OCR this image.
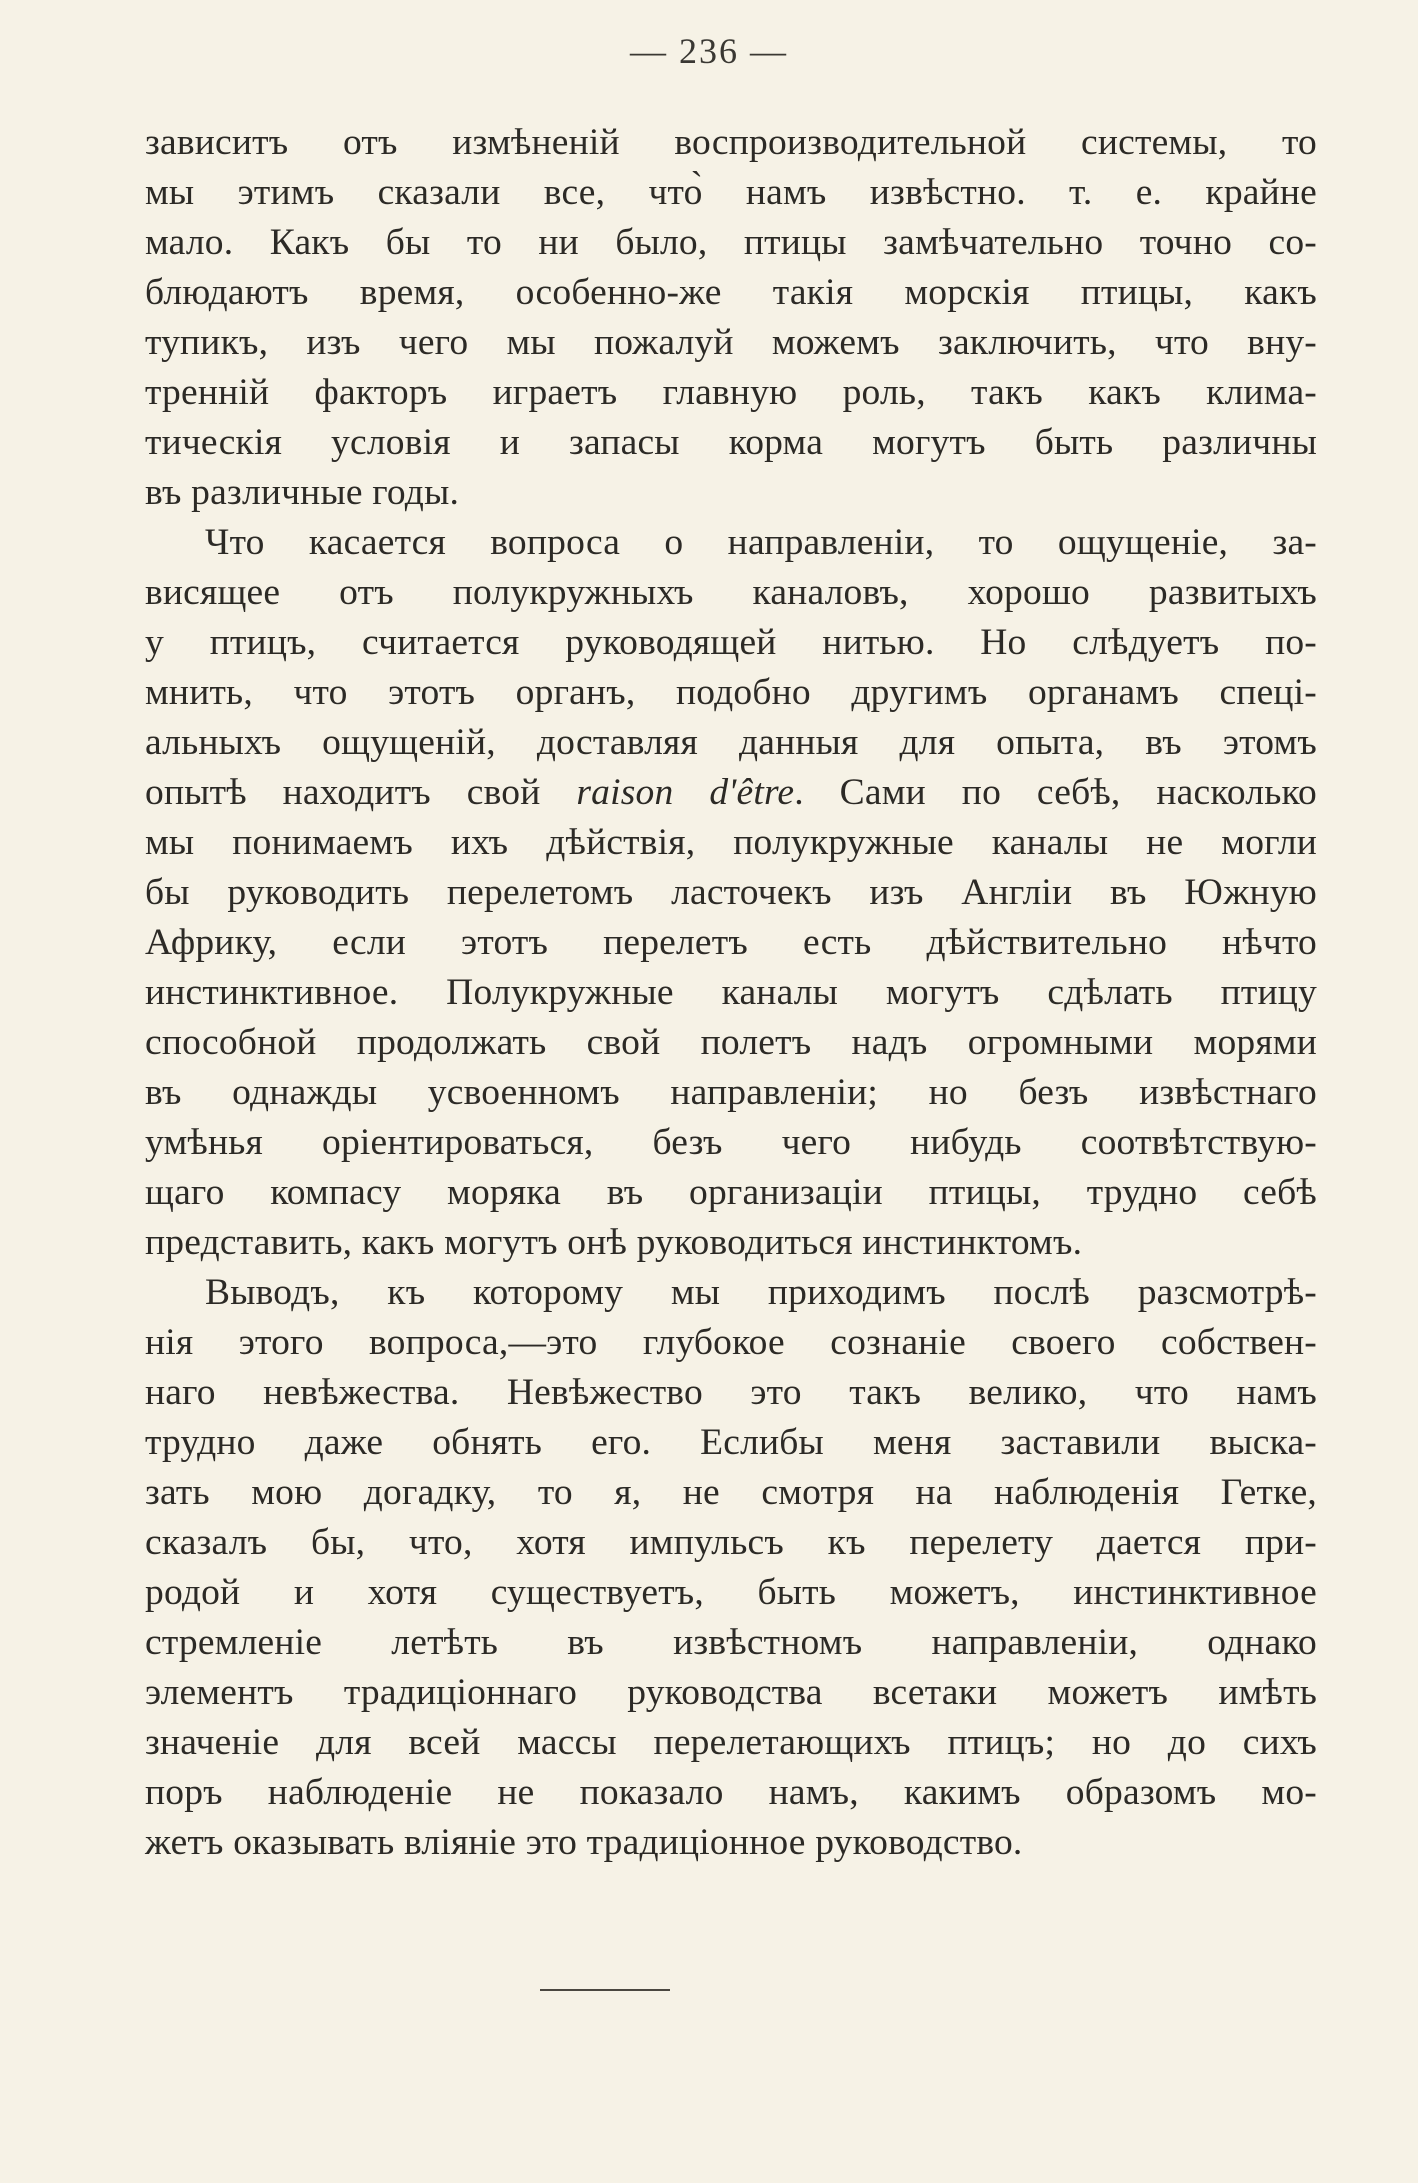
— 236 —
зависитъ отъ измѣненій воспроизводительной системы, то
мы этимъ сказали все, что̀ намъ извѣстно. т. е. крайне
мало. Какъ бы то ни было, птицы замѣчательно точно со-
блюдаютъ время, особенно-же такія морскія птицы, какъ
тупикъ, изъ чего мы пожалуй можемъ заключить, что вну-
тренній факторъ играетъ главную роль, такъ какъ клима-
тическія условія и запасы корма могутъ быть различны
въ различные годы.
Что касается вопроса о направленіи, то ощущеніе, за-
висящее отъ полукружныхъ каналовъ, хорошо развитыхъ
у птицъ, считается руководящей нитью. Но слѣдуетъ по-
мнить, что этотъ органъ, подобно другимъ органамъ спеці-
альныхъ ощущеній, доставляя данныя для опыта, въ этомъ
опытѣ находитъ свой raison d'être. Сами по себѣ, насколько
мы понимаемъ ихъ дѣйствія, полукружные каналы не могли
бы руководить перелетомъ ласточекъ изъ Англіи въ Южную
Африку, если этотъ перелетъ есть дѣйствительно нѣчто
инстинктивное. Полукружные каналы могутъ сдѣлать птицу
способной продолжать свой полетъ надъ огромными морями
въ однажды усвоенномъ направленіи; но безъ извѣстнаго
умѣнья оріентироваться, безъ чего нибудь соотвѣтствую-
щаго компасу моряка въ организаціи птицы, трудно себѣ
представить, какъ могутъ онѣ руководиться инстинктомъ.
Выводъ, къ которому мы приходимъ послѣ разсмотрѣ-
нія этого вопроса,—это глубокое сознаніе своего собствен-
наго невѣжества. Невѣжество это такъ велико, что намъ
трудно даже обнять его. Еслибы меня заставили выска-
зать мою догадку, то я, не смотря на наблюденія Гетке,
сказалъ бы, что, хотя импульсъ къ перелету дается при-
родой и хотя существуетъ, быть можетъ, инстинктивное
стремленіе летѣть въ извѣстномъ направленіи, однако
элементъ традиціоннаго руководства всетаки можетъ имѣть
значеніе для всей массы перелетающихъ птицъ; но до сихъ
поръ наблюденіе не показало намъ, какимъ образомъ мо-
жетъ оказывать вліяніе это традиціонное руководство.
